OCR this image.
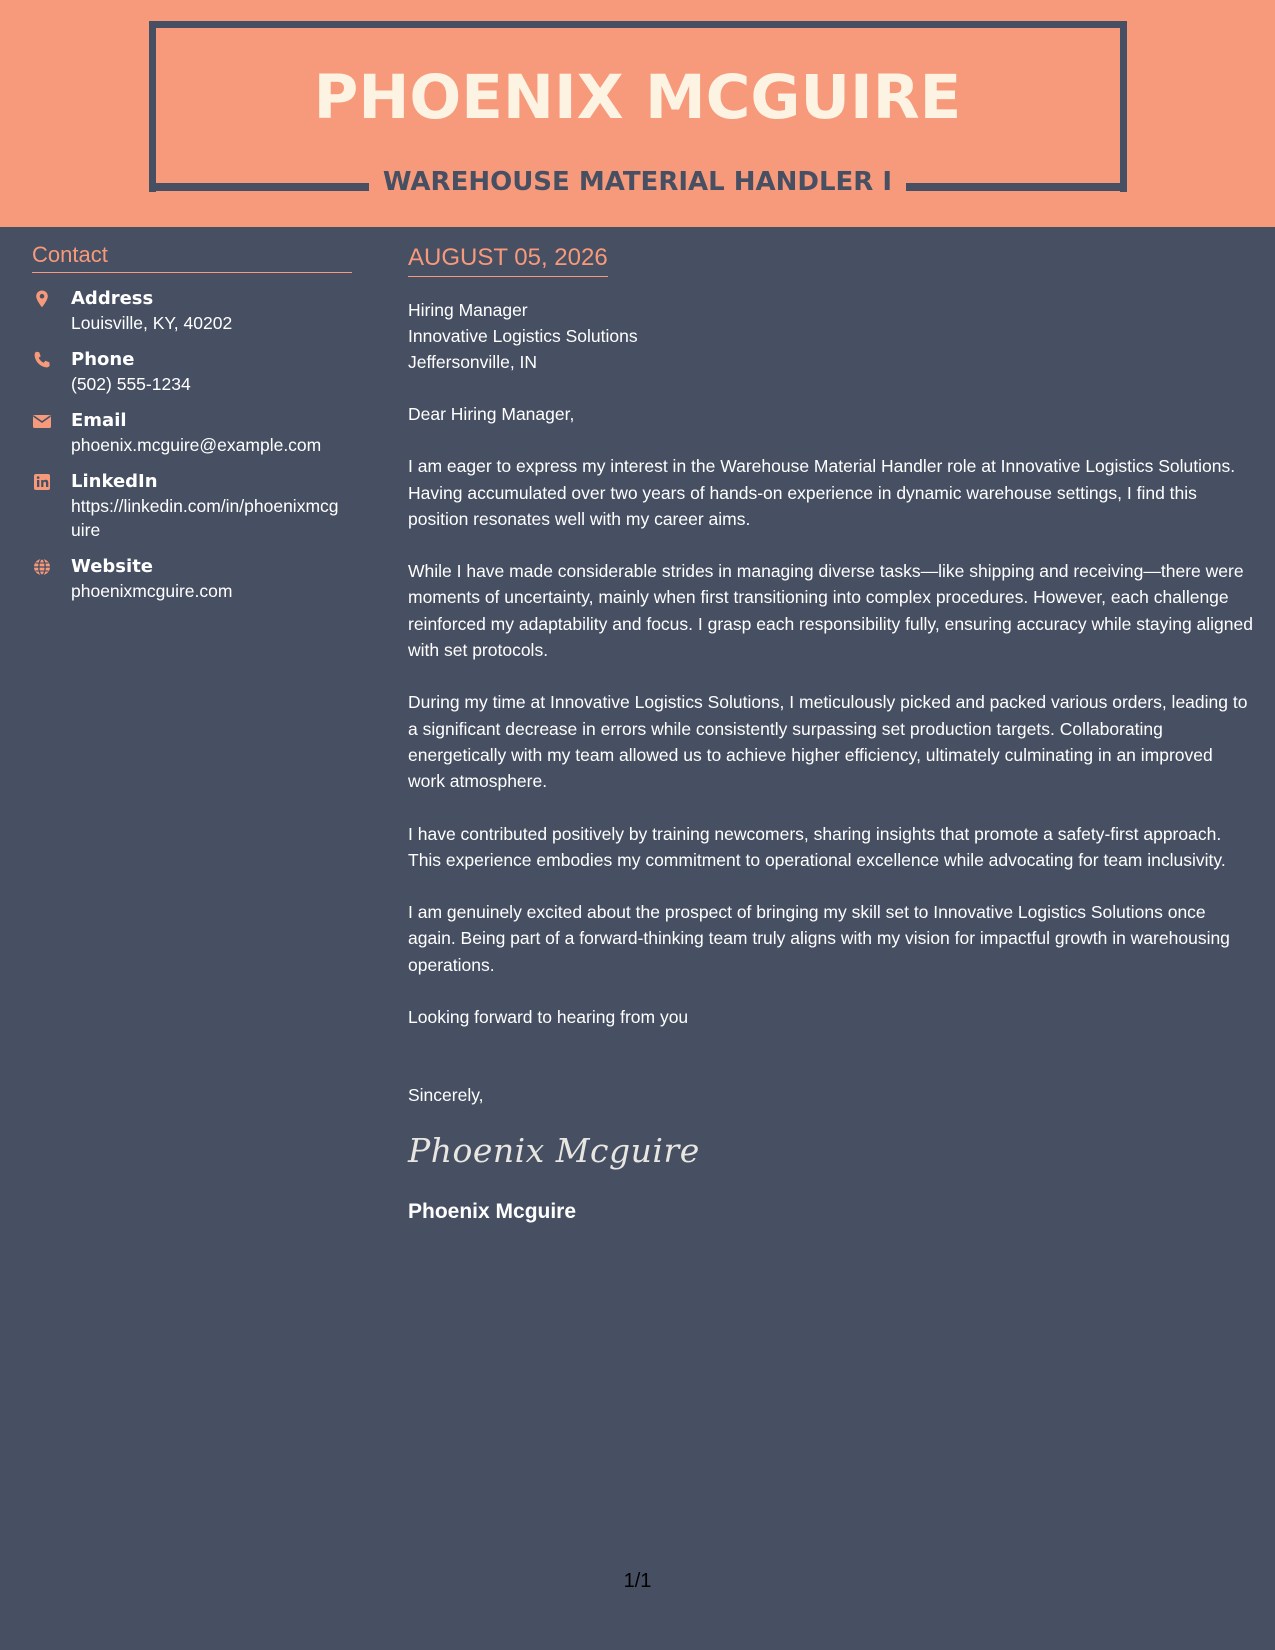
PHOENIX MCGUIRE
WAREHOUSE MATERIAL HANDLER I
Contact
Address
Louisville, KY, 40202
Phone
(502) 555-1234
Email
phoenix.mcguire@example.com
LinkedIn
https://linkedin.com/in/phoenixmcguire
Website
phoenixmcguire.com
AUGUST 05, 2026
Hiring Manager
Innovative Logistics Solutions
Jeffersonville, IN

Dear Hiring Manager,

I am eager to express my interest in the Warehouse Material Handler role at Innovative Logistics Solutions. Having accumulated over two years of hands-on experience in dynamic warehouse settings, I find this position resonates well with my career aims.

While I have made considerable strides in managing diverse tasks—like shipping and receiving—there were moments of uncertainty, mainly when first transitioning into complex procedures. However, each challenge reinforced my adaptability and focus. I grasp each responsibility fully, ensuring accuracy while staying aligned with set protocols.

During my time at Innovative Logistics Solutions, I meticulously picked and packed various orders, leading to a significant decrease in errors while consistently surpassing set production targets. Collaborating energetically with my team allowed us to achieve higher efficiency, ultimately culminating in an improved work atmosphere.

I have contributed positively by training newcomers, sharing insights that promote a safety-first approach. This experience embodies my commitment to operational excellence while advocating for team inclusivity.

I am genuinely excited about the prospect of bringing my skill set to Innovative Logistics Solutions once again. Being part of a forward-thinking team truly aligns with my vision for impactful growth in warehousing operations.

Looking forward to hearing from you

Sincerely,

Phoenix Mcguire
Phoenix Mcguire
1/1
